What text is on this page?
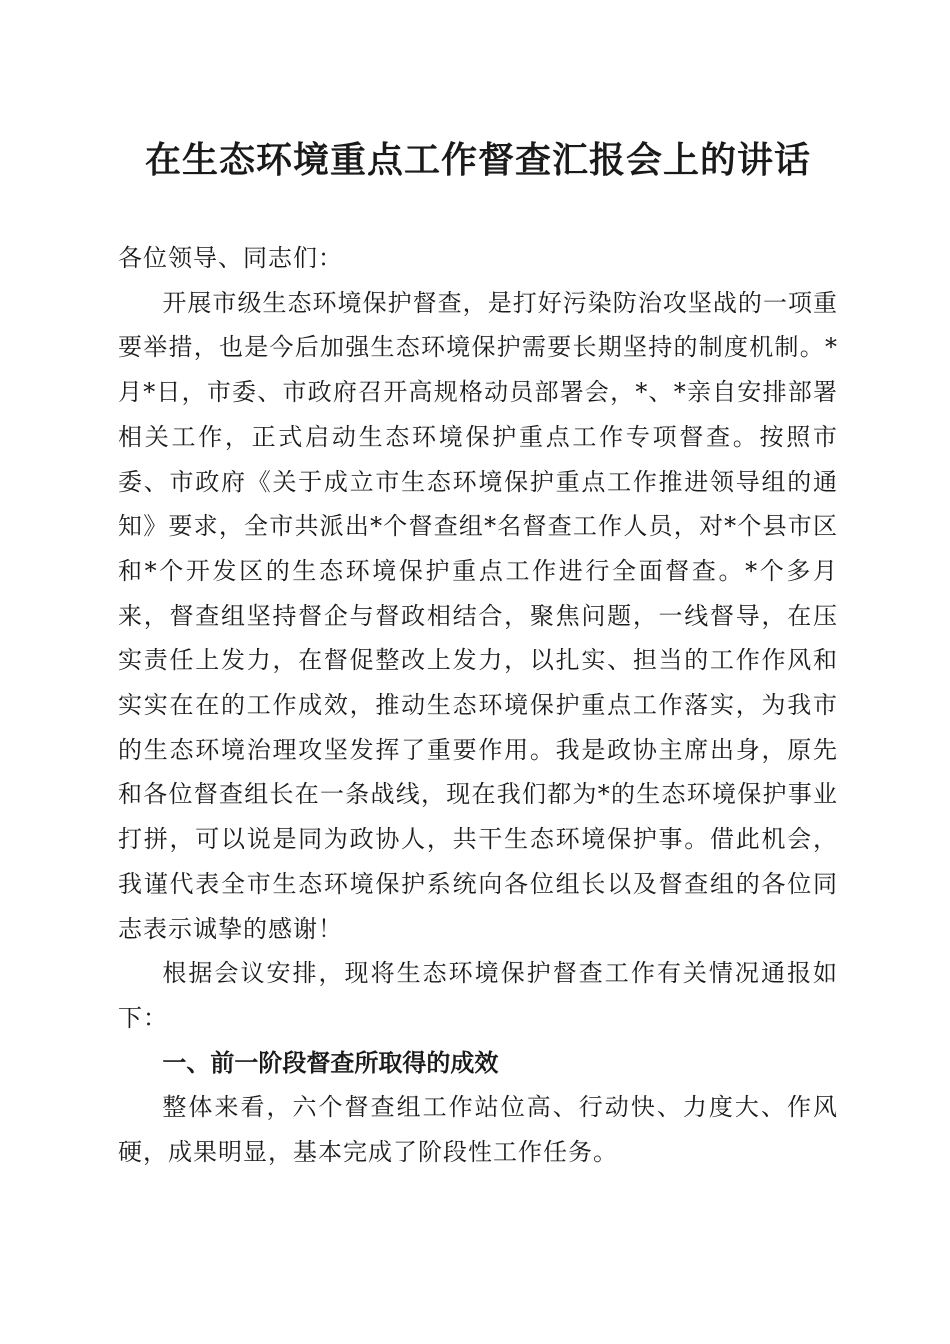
在生态环境重点工作督查汇报会上的讲话

各位领导、同志们：

开展市级生态环境保护督查，是打好污染防治攻坚战的一项重要举措，也是今后加强生态环境保护需要长期坚持的制度机制。*月*日，市委、市政府召开高规格动员部署会，*、*亲自安排部署相关工作，正式启动生态环境保护重点工作专项督查。按照市委、市政府《关于成立市生态环境保护重点工作推进领导组的通知》要求，全市共派出*个督查组*名督查工作人员，对*个县市区和*个开发区的生态环境保护重点工作进行全面督查。*个多月来，督查组坚持督企与督政相结合，聚焦问题，一线督导，在压实责任上发力，在督促整改上发力，以扎实、担当的工作作风和实实在在的工作成效，推动生态环境保护重点工作落实，为我市的生态环境治理攻坚发挥了重要作用。我是政协主席出身，原先和各位督查组长在一条战线，现在我们都为*的生态环境保护事业打拼，可以说是同为政协人，共干生态环境保护事。借此机会，我谨代表全市生态环境保护系统向各位组长以及督查组的各位同志表示诚挚的感谢！

根据会议安排，现将生态环境保护督查工作有关情况通报如下：

一、前一阶段督查所取得的成效

整体来看，六个督查组工作站位高、行动快、力度大、作风硬，成果明显，基本完成了阶段性工作任务。
